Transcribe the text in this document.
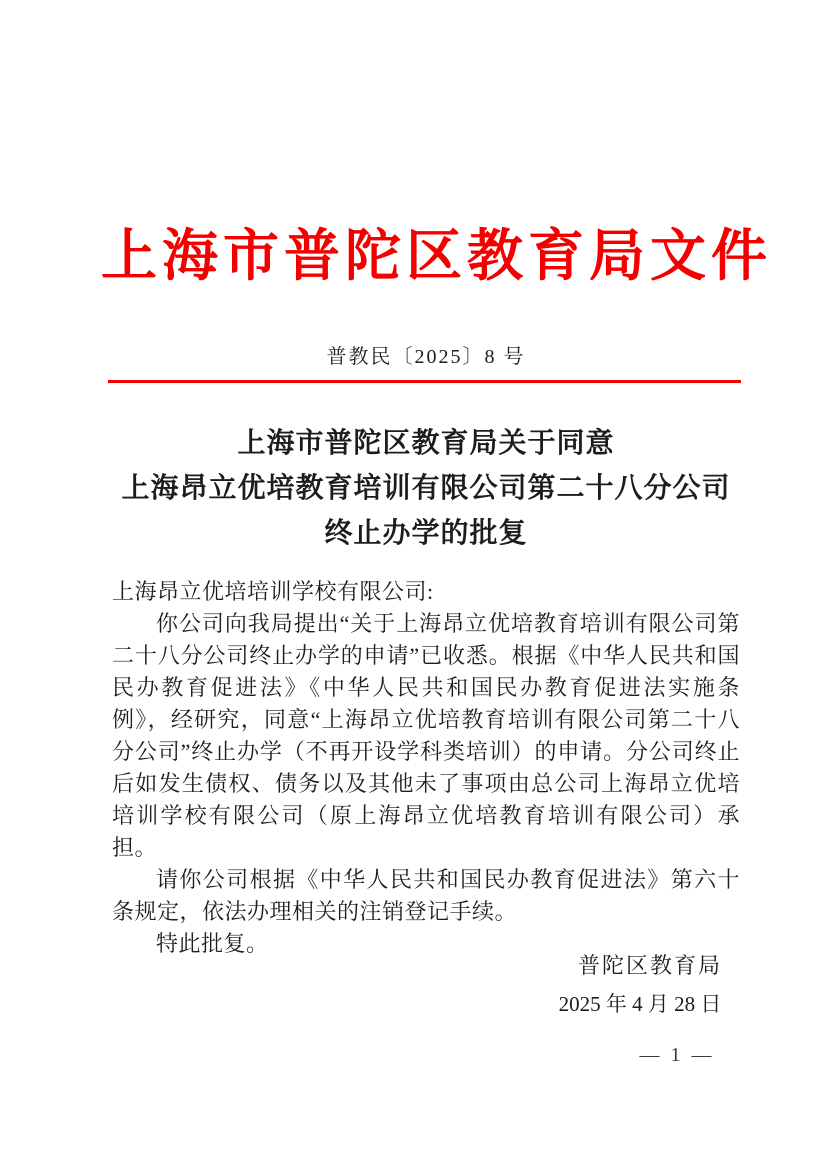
上海市普陀区教育局文件
普教民〔2025〕8 号
上海市普陀区教育局关于同意
上海昂立优培教育培训有限公司第二十八分公司
终止办学的批复

上海昂立优培培训学校有限公司:

你公司向我局提出“关于上海昂立优培教育培训有限公司第二十八分公司终止办学的申请”已收悉。根据《中华人民共和国民办教育促进法》《中华人民共和国民办教育促进法实施条例》，经研究，同意“上海昂立优培教育培训有限公司第二十八分公司”终止办学（不再开设学科类培训）的申请。分公司终止后如发生债权、债务以及其他未了事项由总公司上海昂立优培培训学校有限公司（原上海昂立优培教育培训有限公司）承担。

请你公司根据《中华人民共和国民办教育促进法》第六十条规定，依法办理相关的注销登记手续。

特此批复。

普陀区教育局
2025 年 4 月 28 日
— 1 —
